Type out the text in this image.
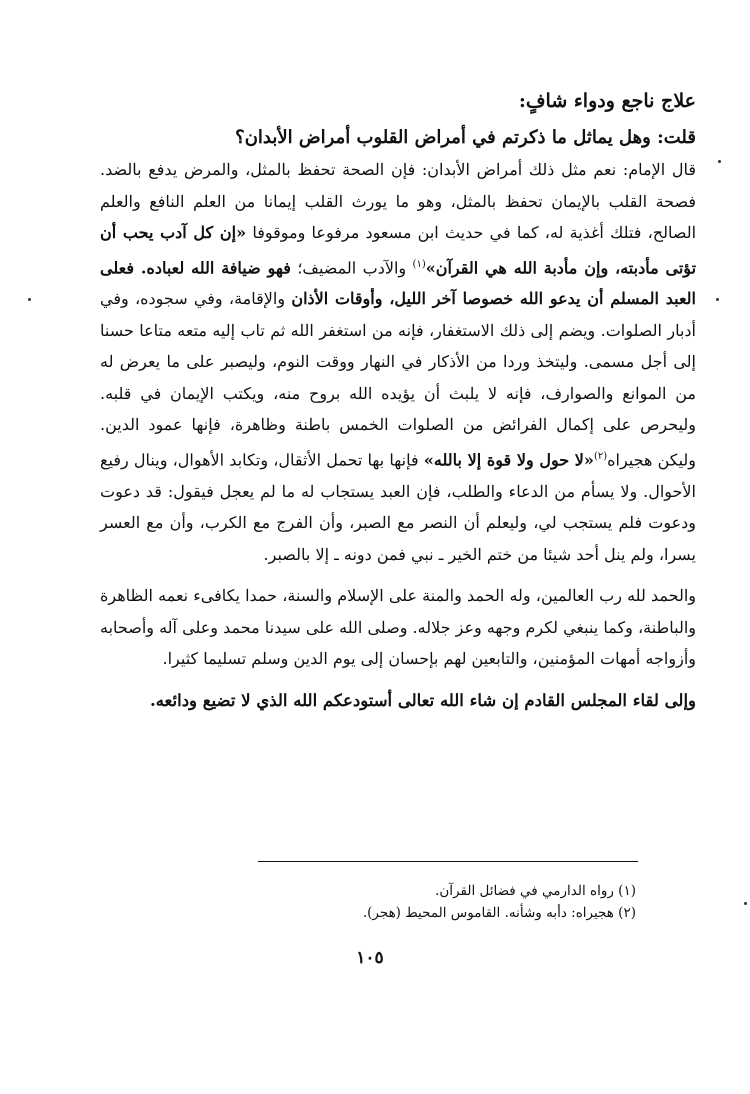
علاج ناجع ودواء شافٍ:

قلت: وهل يماثل ما ذكرتم في أمراض القلوب أمراض الأبدان؟

قال الإمام: نعم مثل ذلك أمراض الأبدان: فإن الصحة تحفظ بالمثل، والمرض يدفع بالضد. فصحة القلب بالإيمان تحفظ بالمثل، وهو ما يورث القلب إيمانا من العلم النافع والعلم الصالح، فتلك أغذية له، كما في حديث ابن مسعود مرفوعا وموقوفا «إن كل آدب يحب أن تؤتى مأدبته، وإن مأدبة الله هي القرآن»$^{(١)}$ والآدب المضيف؛ فهو ضيافة الله لعباده. فعلى العبد المسلم أن يدعو الله خصوصا آخر الليل، وأوقات الأذان والإقامة، وفي سجوده، وفي أدبار الصلوات. ويضم إلى ذلك الاستغفار، فإنه من استغفر الله ثم تاب إليه متعه متاعا حسنا إلى أجل مسمى. وليتخذ وردا من الأذكار في النهار ووقت النوم، وليصبر على ما يعرض له من الموانع والصوارف، فإنه لا يلبث أن يؤيده الله بروح منه، ويكتب الإيمان في قلبه. وليحرص على إكمال الفرائض من الصلوات الخمس باطنة وظاهرة، فإنها عمود الدين. وليكن هجيراه$^{(٢)}$«لا حول ولا قوة إلا بالله» فإنها بها تحمل الأثقال، وتكابد الأهوال، وينال رفيع الأحوال. ولا يسأم من الدعاء والطلب، فإن العبد يستجاب له ما لم يعجل فيقول: قد دعوت ودعوت فلم يستجب لي، وليعلم أن النصر مع الصبر، وأن الفرج مع الكرب، وأن مع العسر يسرا، ولم ينل أحد شيئا من ختم الخير ـ نبي فمن دونه ـ إلا بالصبر.

والحمد لله رب العالمين، وله الحمد والمنة على الإسلام والسنة، حمدا يكافىء نعمه الظاهرة والباطنة، وكما ينبغي لكرم وجهه وعز جلاله. وصلى الله على سيدنا محمد وعلى آله وأصحابه وأزواجه أمهات المؤمنين، والتابعين لهم بإحسان إلى يوم الدين وسلم تسليما كثيرا.

وإلى لقاء المجلس القادم إن شاء الله تعالى أستودعكم الله الذي لا تضيع ودائعه.

(١) رواه الدارمي في فضائل القرآن.

(٢) هجيراه: دأبه وشأنه. القاموس المحيط (هجر).

١٠٥
